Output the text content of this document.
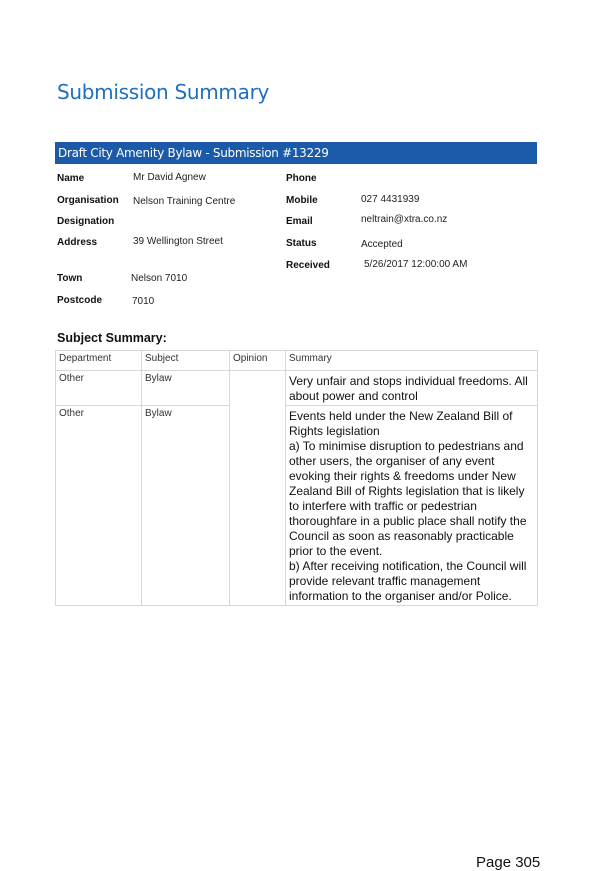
Submission Summary
Draft City Amenity Bylaw - Submission #13229
Name	Mr David Agnew
Organisation Nelson Training Centre
Designation
Address	39 Wellington Street
Town	Nelson 7010
Postcode	7010
Phone
Mobile	027 4431939
Email	neltrain@xtra.co.nz
Status	Accepted
Received	5/26/2017 12:00:00 AM
Subject Summary:
Department	Subject	Opinion	Summary
Other	Bylaw		Very unfair and stops individual freedoms. All about power and control
Other	Bylaw		Events held under the New Zealand Bill of Rights legislation
a) To minimise disruption to pedestrians and other users, the organiser of any event evoking their rights & freedoms under New Zealand Bill of Rights legislation that is likely to interfere with traffic or pedestrian thoroughfare in a public place shall notify the Council as soon as reasonably practicable prior to the event.
b) After receiving notification, the Council will provide relevant traffic management information to the organiser and/or Police.
Page 305
